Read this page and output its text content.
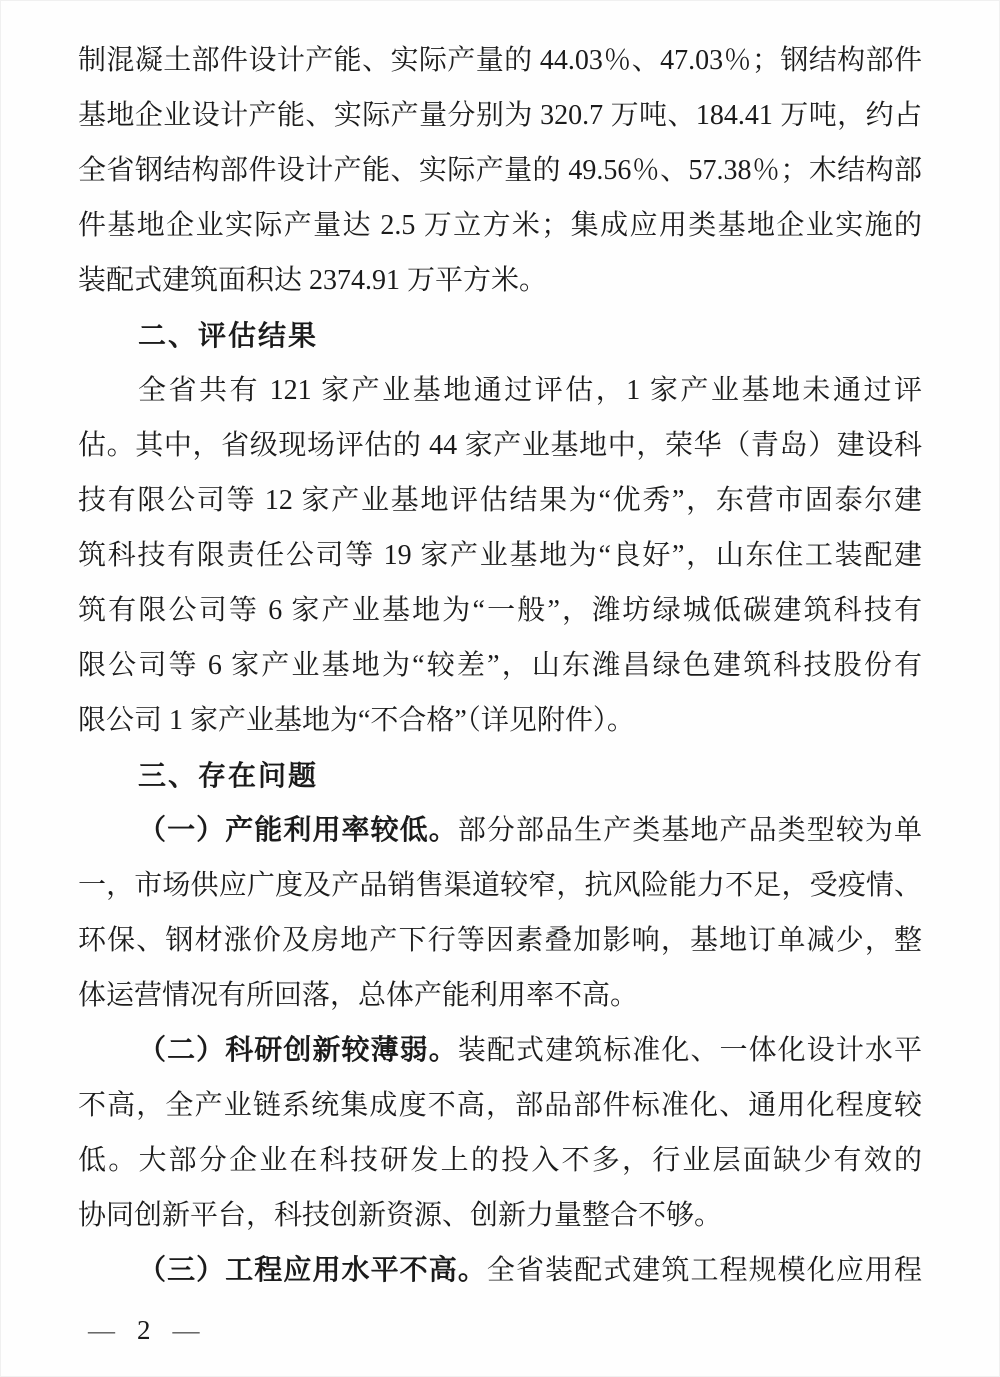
制混凝土部件设计产能、实际产量的 44.03％、47.03％；钢结构部件
基地企业设计产能、实际产量分别为 320.7 万吨、184.41 万吨，约占
全省钢结构部件设计产能、实际产量的 49.56％、57.38％；木结构部
件基地企业实际产量达 2.5 万立方米；集成应用类基地企业实施的
装配式建筑面积达 2374.91 万平方米。
二、评估结果
全省共有 121 家产业基地通过评估，1 家产业基地未通过评
估。其中，省级现场评估的 44 家产业基地中，荣华（青岛）建设科
技有限公司等 12 家产业基地评估结果为“优秀”，东营市固泰尔建
筑科技有限责任公司等 19 家产业基地为“良好”，山东住工装配建
筑有限公司等 6 家产业基地为“一般”，潍坊绿城低碳建筑科技有
限公司等 6 家产业基地为“较差”，山东潍昌绿色建筑科技股份有
限公司 1 家产业基地为“不合格”（详见附件）。
三、存在问题
（一）产能利用率较低。部分部品生产类基地产品类型较为单
一，市场供应广度及产品销售渠道较窄，抗风险能力不足，受疫情、
环保、钢材涨价及房地产下行等因素叠加影响，基地订单减少，整
体运营情况有所回落，总体产能利用率不高。
（二）科研创新较薄弱。装配式建筑标准化、一体化设计水平
不高，全产业链系统集成度不高，部品部件标准化、通用化程度较
低。大部分企业在科技研发上的投入不多，行业层面缺少有效的
协同创新平台，科技创新资源、创新力量整合不够。
（三）工程应用水平不高。全省装配式建筑工程规模化应用程
— 2 —
